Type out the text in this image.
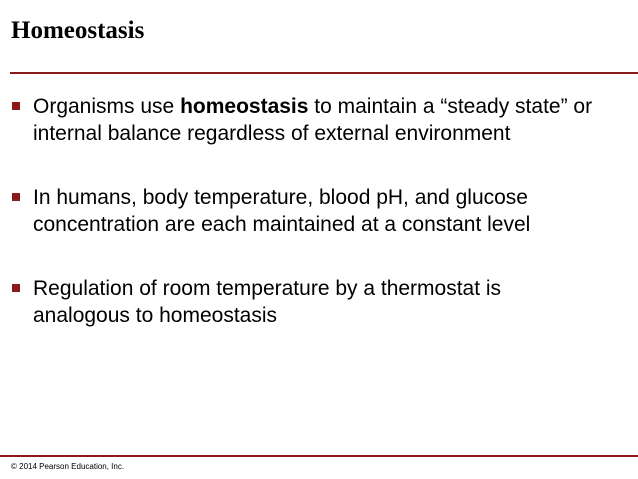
Homeostasis
Organisms use homeostasis to maintain a “steady state” or internal balance regardless of external environment
In humans, body temperature, blood pH, and glucose concentration are each maintained at a constant level
Regulation of room temperature by a thermostat is analogous to homeostasis
© 2014 Pearson Education, Inc.
